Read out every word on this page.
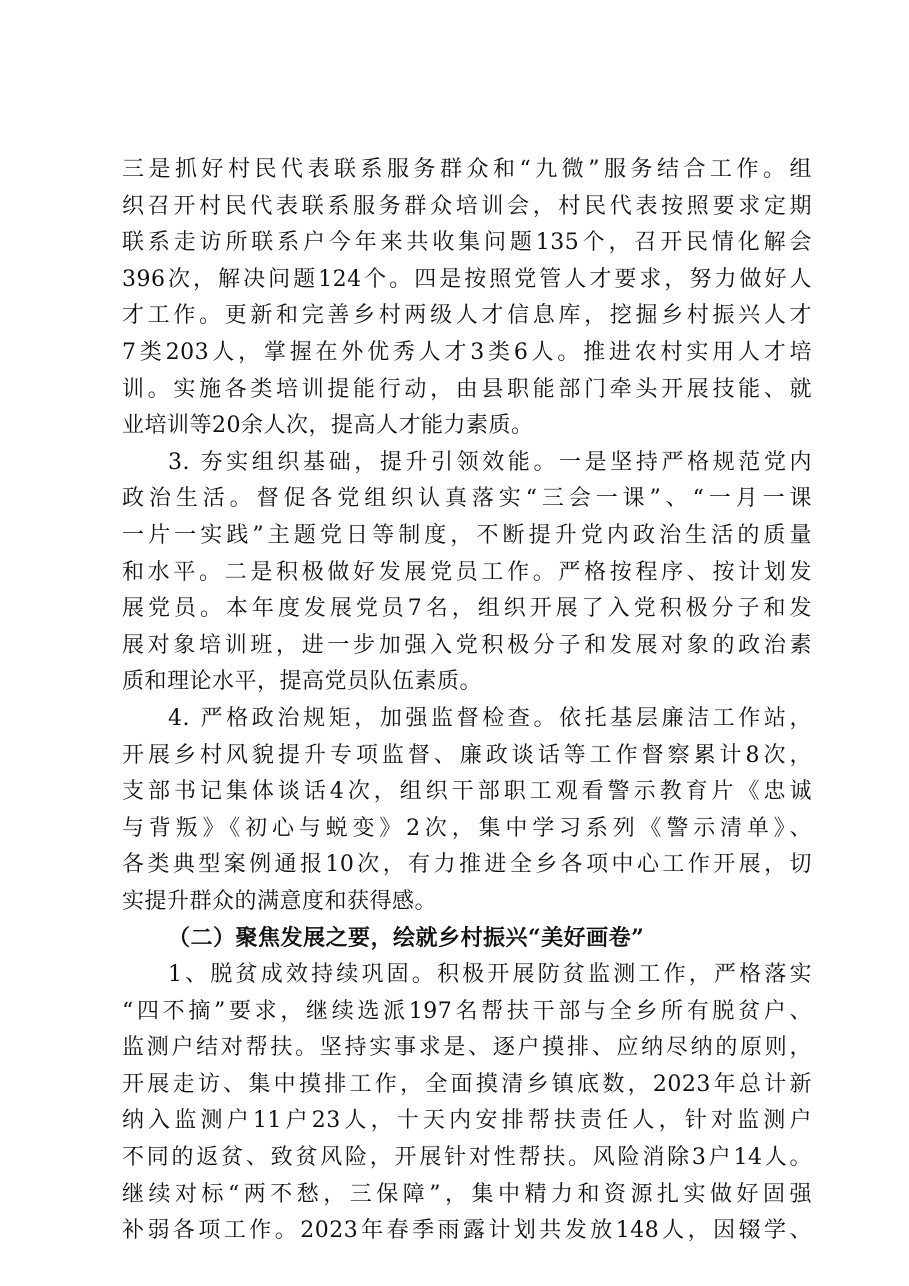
三是抓好村民代表联系服务群众和“九微”服务结合工作。组
织召开村民代表联系服务群众培训会，村民代表按照要求定期
联系走访所联系户今年来共收集问题135个，召开民情化解会
396次，解决问题124个。四是按照党管人才要求，努力做好人
才工作。更新和完善乡村两级人才信息库，挖掘乡村振兴人才
7类203人，掌握在外优秀人才3类6人。推进农村实用人才培
训。实施各类培训提能行动，由县职能部门牵头开展技能、就
业培训等20余人次，提高人才能力素质。
3. 夯实组织基础，提升引领效能。一是坚持严格规范党内
政治生活。督促各党组织认真落实“三会一课”、“一月一课
一片一实践”主题党日等制度，不断提升党内政治生活的质量
和水平。二是积极做好发展党员工作。严格按程序、按计划发
展党员。本年度发展党员7名，组织开展了入党积极分子和发
展对象培训班，进一步加强入党积极分子和发展对象的政治素
质和理论水平，提高党员队伍素质。
4. 严格政治规矩，加强监督检查。依托基层廉洁工作站，
开展乡村风貌提升专项监督、廉政谈话等工作督察累计8次，
支部书记集体谈话4次，组织干部职工观看警示教育片《忠诚
与背叛》《初心与蜕变》2次，集中学习系列《警示清单》、
各类典型案例通报10次，有力推进全乡各项中心工作开展，切
实提升群众的满意度和获得感。
（二）聚焦发展之要，绘就乡村振兴“美好画卷”
1、脱贫成效持续巩固。积极开展防贫监测工作，严格落实
“四不摘”要求，继续选派197名帮扶干部与全乡所有脱贫户、
监测户结对帮扶。坚持实事求是、逐户摸排、应纳尽纳的原则，
开展走访、集中摸排工作，全面摸清乡镇底数，2023年总计新
纳入监测户11户23人，十天内安排帮扶责任人，针对监测户
不同的返贫、致贫风险，开展针对性帮扶。风险消除3户14人。
继续对标“两不愁，三保障”，集中精力和资源扎实做好固强
补弱各项工作。2023年春季雨露计划共发放148人，因辍学、
